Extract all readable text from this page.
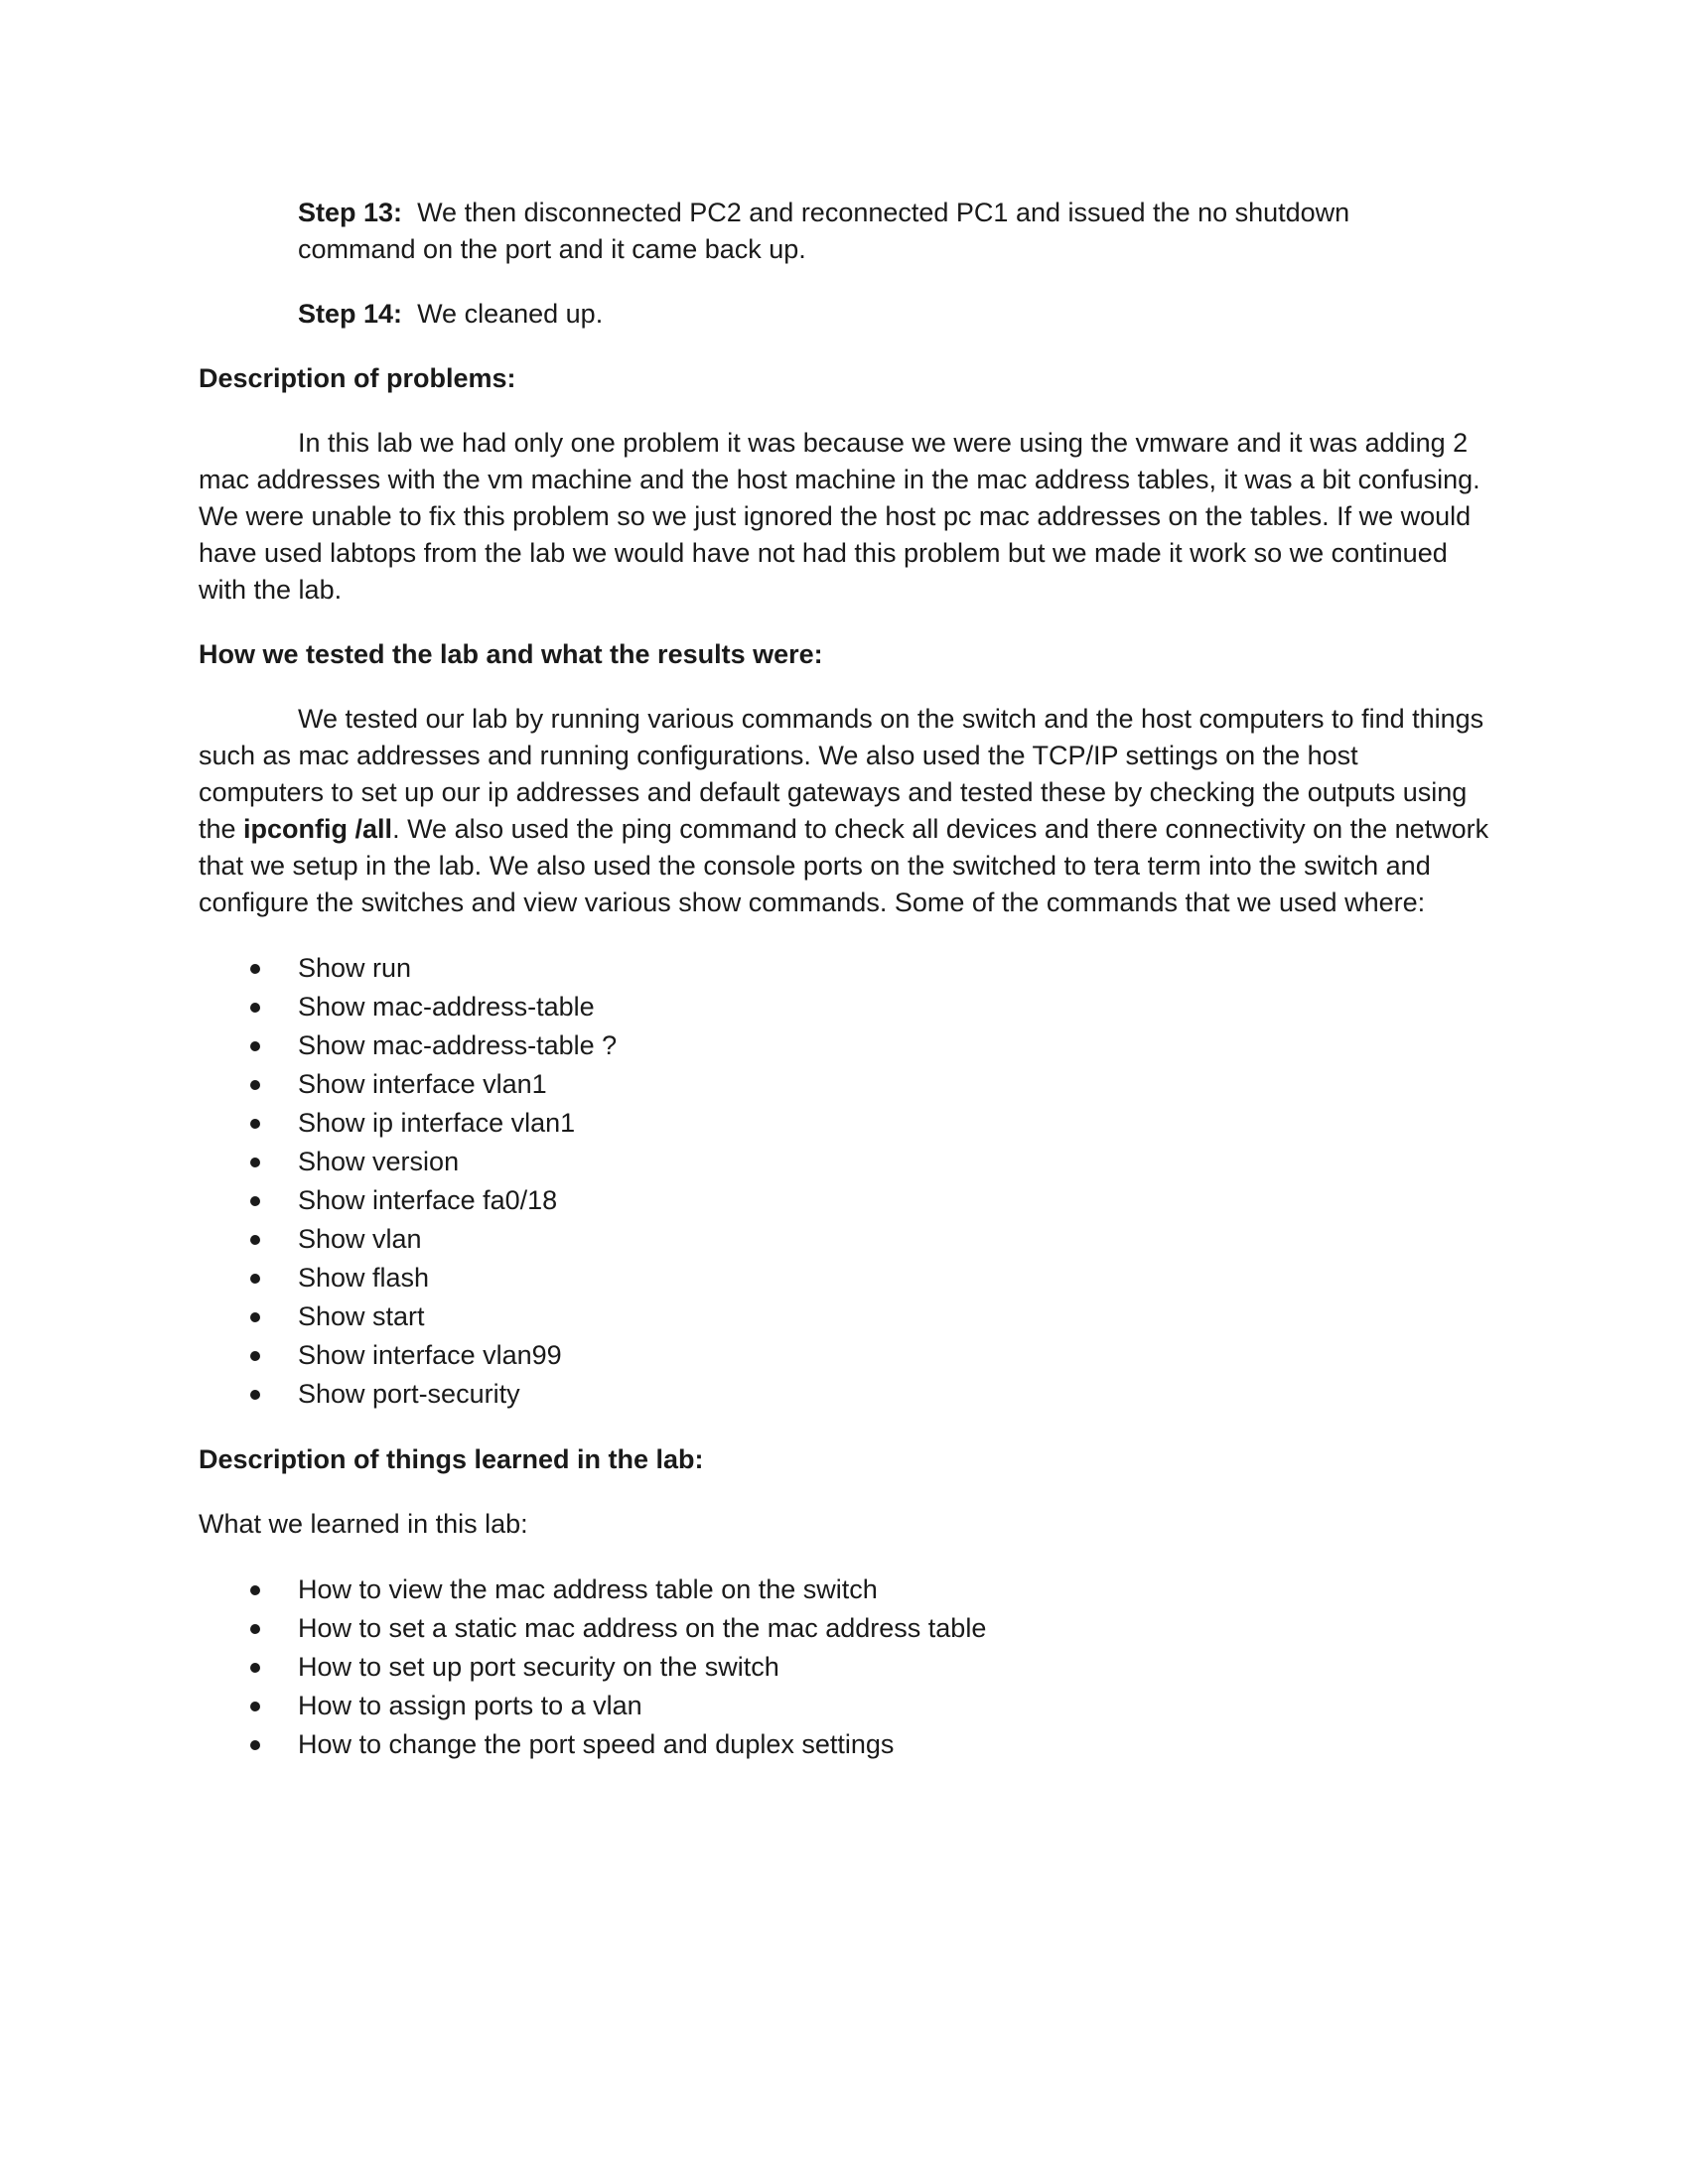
Step 13: We then disconnected PC2 and reconnected PC1 and issued the no shutdown command on the port and it came back up.

Step 14: We cleaned up.

Description of problems:

In this lab we had only one problem it was because we were using the vmware and it was adding 2 mac addresses with the vm machine and the host machine in the mac address tables, it was a bit confusing. We were unable to fix this problem so we just ignored the host pc mac addresses on the tables. If we would have used labtops from the lab we would have not had this problem but we made it work so we continued with the lab.

How we tested the lab and what the results were:

We tested our lab by running various commands on the switch and the host computers to find things such as mac addresses and running configurations. We also used the TCP/IP settings on the host computers to set up our ip addresses and default gateways and tested these by checking the outputs using the ipconfig /all. We also used the ping command to check all devices and there connectivity on the network that we setup in the lab. We also used the console ports on the switched to tera term into the switch and configure the switches and view various show commands. Some of the commands that we used where:

Show run
Show mac-address-table
Show mac-address-table ?
Show interface vlan1
Show ip interface vlan1
Show version
Show interface fa0/18
Show vlan
Show flash
Show start
Show interface vlan99
Show port-security

Description of things learned in the lab:

What we learned in this lab:

How to view the mac address table on the switch
How to set a static mac address on the mac address table
How to set up port security on the switch
How to assign ports to a vlan
How to change the port speed and duplex settings
